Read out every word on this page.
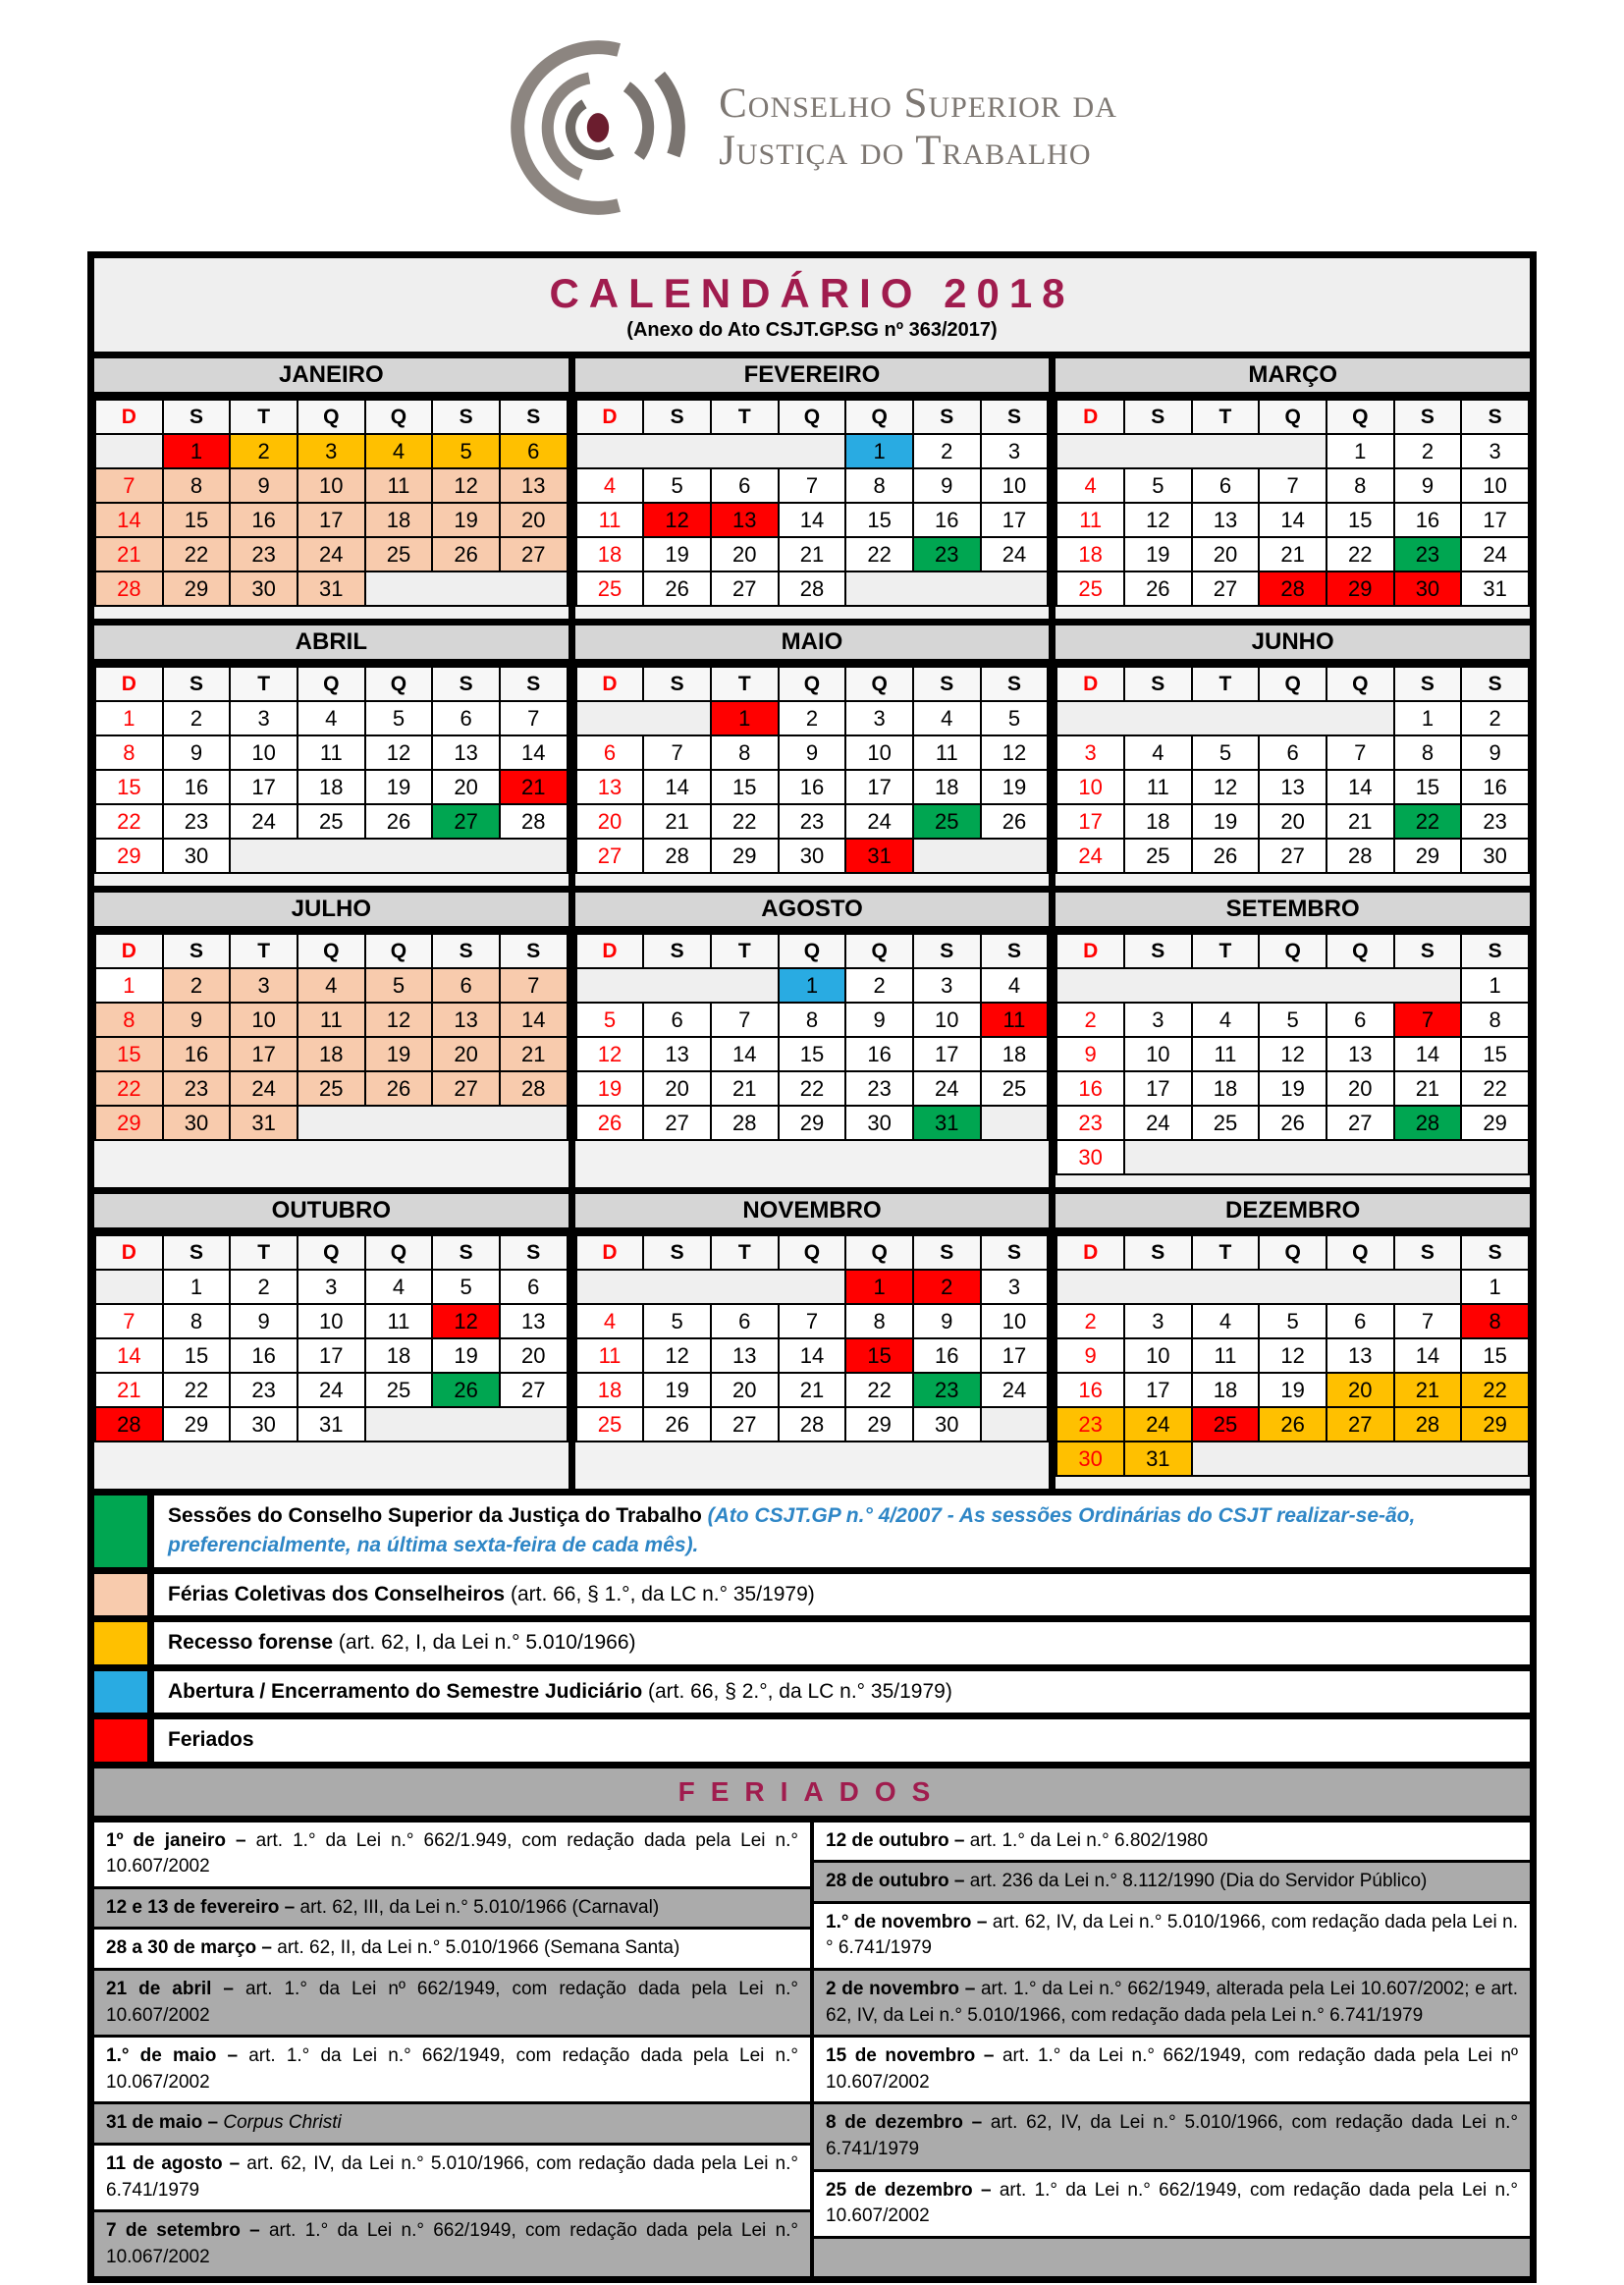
Conselho Superior da
Justiça do Trabalho
CALENDÁRIO 2018
(Anexo do Ato CSJT.GP.SG nº 363/2017)
JANEIRO
D	S	T	Q	Q	S	S
	1	2	3	4	5	6
7	8	9	10	11	12	13
14	15	16	17	18	19	20
21	22	23	24	25	26	27
28	29	30	31			
FEVEREIRO
D	S	T	Q	Q	S	S
				1	2	3
4	5	6	7	8	9	10
11	12	13	14	15	16	17
18	19	20	21	22	23	24
25	26	27	28			
MARÇO
D	S	T	Q	Q	S	S
				1	2	3
4	5	6	7	8	9	10
11	12	13	14	15	16	17
18	19	20	21	22	23	24
25	26	27	28	29	30	31
ABRIL
D	S	T	Q	Q	S	S
1	2	3	4	5	6	7
8	9	10	11	12	13	14
15	16	17	18	19	20	21
22	23	24	25	26	27	28
29	30					
MAIO
D	S	T	Q	Q	S	S
		1	2	3	4	5
6	7	8	9	10	11	12
13	14	15	16	17	18	19
20	21	22	23	24	25	26
27	28	29	30	31		
JUNHO
D	S	T	Q	Q	S	S
					1	2
3	4	5	6	7	8	9
10	11	12	13	14	15	16
17	18	19	20	21	22	23
24	25	26	27	28	29	30
JULHO
D	S	T	Q	Q	S	S
1	2	3	4	5	6	7
8	9	10	11	12	13	14
15	16	17	18	19	20	21
22	23	24	25	26	27	28
29	30	31				
AGOSTO
D	S	T	Q	Q	S	S
			1	2	3	4
5	6	7	8	9	10	11
12	13	14	15	16	17	18
19	20	21	22	23	24	25
26	27	28	29	30	31	
SETEMBRO
D	S	T	Q	Q	S	S
						1
2	3	4	5	6	7	8
9	10	11	12	13	14	15
16	17	18	19	20	21	22
23	24	25	26	27	28	29
30						
OUTUBRO
D	S	T	Q	Q	S	S
	1	2	3	4	5	6
7	8	9	10	11	12	13
14	15	16	17	18	19	20
21	22	23	24	25	26	27
28	29	30	31			
NOVEMBRO
D	S	T	Q	Q	S	S
				1	2	3
4	5	6	7	8	9	10
11	12	13	14	15	16	17
18	19	20	21	22	23	24
25	26	27	28	29	30	
DEZEMBRO
D	S	T	Q	Q	S	S
						1
2	3	4	5	6	7	8
9	10	11	12	13	14	15
16	17	18	19	20	21	22
23	24	25	26	27	28	29
30	31					
Sessões do Conselho Superior da Justiça do Trabalho (Ato CSJT.GP n.° 4/2007 - As sessões Ordinárias do CSJT realizar-se-ão, preferencialmente, na última sexta-feira de cada mês).
Férias Coletivas dos Conselheiros (art. 66, § 1.°, da LC n.° 35/1979)
Recesso forense (art. 62, I, da Lei n.° 5.010/1966)
Abertura / Encerramento do Semestre Judiciário (art. 66, § 2.°, da LC n.° 35/1979)
Feriados
FERIADOS
1º de janeiro – art. 1.° da Lei n.° 662/1.949, com redação dada pela Lei n.° 10.607/2002
12 e 13 de fevereiro – art. 62, III, da Lei n.° 5.010/1966 (Carnaval)
28 a 30 de março – art. 62, II, da Lei n.° 5.010/1966 (Semana Santa)
21 de abril – art. 1.° da Lei nº 662/1949, com redação dada pela Lei n.° 10.607/2002
1.° de maio – art. 1.° da Lei n.° 662/1949, com redação dada pela Lei n.° 10.067/2002
31 de maio – Corpus Christi
11 de agosto – art. 62, IV, da Lei n.° 5.010/1966, com redação dada pela Lei n.° 6.741/1979
7 de setembro – art. 1.° da Lei n.° 662/1949, com redação dada pela Lei n.° 10.067/2002
12 de outubro – art. 1.° da Lei n.° 6.802/1980
28 de outubro – art. 236 da Lei n.° 8.112/1990 (Dia do Servidor Público)
1.° de novembro – art. 62, IV, da Lei n.° 5.010/1966, com redação dada pela Lei n.° 6.741/1979
2 de novembro – art. 1.° da Lei n.° 662/1949, alterada pela Lei 10.607/2002; e art. 62, IV, da Lei n.° 5.010/1966, com redação dada pela Lei n.° 6.741/1979
15 de novembro – art. 1.° da Lei n.° 662/1949, com redação dada pela Lei nº 10.607/2002
8 de dezembro – art. 62, IV, da Lei n.° 5.010/1966, com redação dada Lei n.° 6.741/1979
25 de dezembro – art. 1.° da Lei n.° 662/1949, com redação dada pela Lei n.° 10.607/2002
